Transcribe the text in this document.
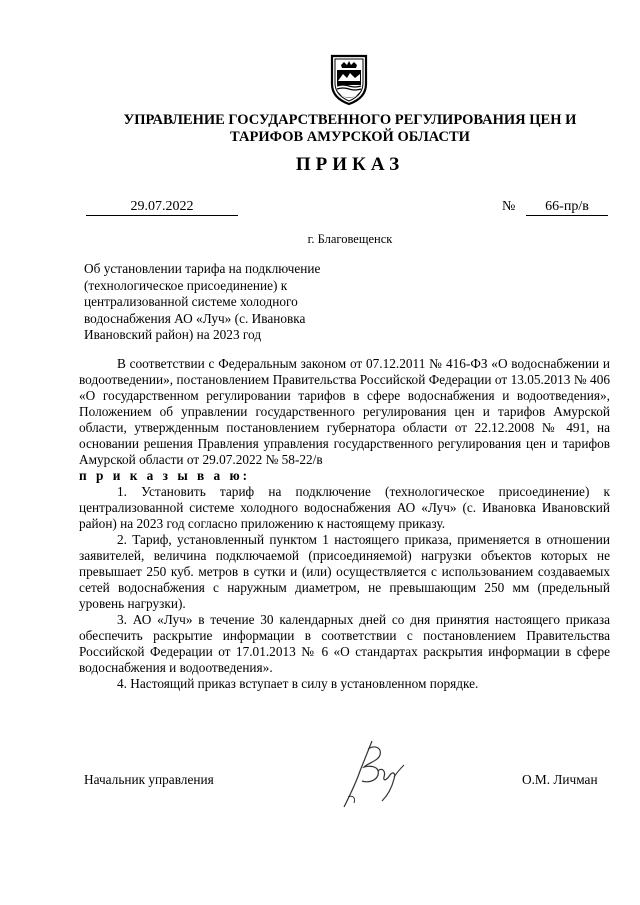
УПРАВЛЕНИЕ ГОСУДАРСТВЕННОГО РЕГУЛИРОВАНИЯ ЦЕН И
ТАРИФОВ АМУРСКОЙ ОБЛАСТИ
ПРИКАЗ
29.07.2022	№	66-пр/в
г. Благовещенск
Об установлении тарифа на подключение
(технологическое присоединение) к
централизованной системе холодного
водоснабжения АО «Луч» (с. Ивановка
Ивановский район) на 2023 год

В соответствии с Федеральным законом от 07.12.2011 № 416-ФЗ «О водоснабжении и водоотведении», постановлением Правительства Российской Федерации от 13.05.2013 № 406 «О государственном регулировании тарифов в сфере водоснабжения и водоотведения», Положением об управлении государственного регулирования цен и тарифов Амурской области, утвержденным постановлением губернатора области от 22.12.2008 № 491, на основании решения Правления управления государственного регулирования цен и тарифов Амурской области от 29.07.2022 № 58-22/в

п р и к а з ы в а ю:

1. Установить тариф на подключение (технологическое присоединение) к централизованной системе холодного водоснабжения АО «Луч» (с. Ивановка Ивановский район) на 2023 год согласно приложению к настоящему приказу.

2. Тариф, установленный пунктом 1 настоящего приказа, применяется в отношении заявителей, величина подключаемой (присоединяемой) нагрузки объектов которых не превышает 250 куб. метров в сутки и (или) осуществляется с использованием создаваемых сетей водоснабжения с наружным диаметром, не превышающим 250 мм (предельный уровень нагрузки).

3. АО «Луч» в течение 30 календарных дней со дня принятия настоящего приказа обеспечить раскрытие информации в соответствии с постановлением Правительства Российской Федерации от 17.01.2013 № 6 «О стандартах раскрытия информации в сфере водоснабжения и водоотведения».

4. Настоящий приказ вступает в силу в установленном порядке.

Начальник управления	О.М. Личман
